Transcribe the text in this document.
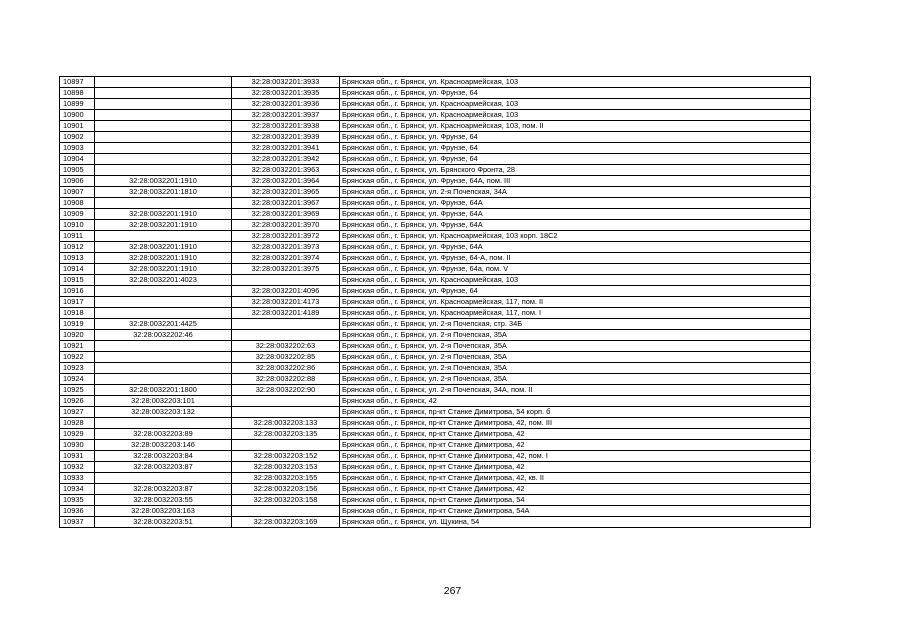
10897		32:28:0032201:3933	Брянская обл., г. Брянск, ул. Красноармейская, 103
10898		32:28:0032201:3935	Брянская обл., г. Брянск, ул. Фрунзе, 64
10899		32:28:0032201:3936	Брянская обл., г. Брянск, ул. Красноармейская, 103
10900		32:28:0032201:3937	Брянская обл., г. Брянск, ул. Красноармейская, 103
10901		32:28:0032201:3938	Брянская обл., г. Брянск, ул. Красноармейская, 103, пом. II
10902		32:28:0032201:3939	Брянская обл., г. Брянск, ул. Фрунзе, 64
10903		32:28:0032201:3941	Брянская обл., г. Брянск, ул. Фрунзе, 64
10904		32:28:0032201:3942	Брянская обл., г. Брянск, ул. Фрунзе, 64
10905		32:28:0032201:3963	Брянская обл., г. Брянск, ул. Брянского Фронта, 28
10906	32:28:0032201:1910	32:28:0032201:3964	Брянская обл., г. Брянск, ул. Фрунзе, 64А, пом. III
10907	32:28:0032201:1810	32:28:0032201:3965	Брянская обл., г. Брянск, ул. 2-я Почепская, 34А
10908		32:28:0032201:3967	Брянская обл., г. Брянск, ул. Фрунзе, 64А
10909	32:28:0032201:1910	32:28:0032201:3969	Брянская обл., г. Брянск, ул. Фрунзе, 64А
10910	32:28:0032201:1910	32:28:0032201:3970	Брянская обл., г. Брянск, ул. Фрунзе, 64А
10911		32:28:0032201:3972	Брянская обл., г. Брянск, ул. Красноармейская, 103 корп. 18С2
10912	32:28:0032201:1910	32:28:0032201:3973	Брянская обл., г. Брянск, ул. Фрунзе, 64А
10913	32:28:0032201:1910	32:28:0032201:3974	Брянская обл., г. Брянск, ул. Фрунзе, 64-А, пом. II
10914	32:28:0032201:1910	32:28:0032201:3975	Брянская обл., г. Брянск, ул. Фрунзе, 64а, пом. V
10915	32:28:0032201:4023		Брянская обл., г. Брянск, ул. Красноармейская, 103
10916		32:28:0032201:4096	Брянская обл., г. Брянск, ул. Фрунзе, 64
10917		32:28:0032201:4173	Брянская обл., г. Брянск, ул. Красноармейская, 117, пом. II
10918		32:28:0032201:4189	Брянская обл., г. Брянск, ул. Красноармейская, 117, пом. I
10919	32:28:0032201:4425		Брянская обл., г. Брянск, ул. 2-я Почепская, стр. 34Б
10920	32:28:0032202:46		Брянская обл., г. Брянск, ул. 2-я Почепская, 35А
10921		32:28:0032202:63	Брянская обл., г. Брянск, ул. 2-я Почепская, 35А
10922		32:28:0032202:85	Брянская обл., г. Брянск, ул. 2-я Почепская, 35А
10923		32:28:0032202:86	Брянская обл., г. Брянск, ул. 2-я Почепская, 35А
10924		32:28:0032202:88	Брянская обл., г. Брянск, ул. 2-я Почепская, 35А
10925	32:28:0032201:1800	32:28:0032202:90	Брянская обл., г. Брянск, ул. 2-я Почепская, 34А, пом. II
10926	32:28:0032203:101		Брянская обл., г. Брянск, 42
10927	32:28:0032203:132		Брянская обл., г. Брянск, пр-кт Станке Димитрова, 54 корп. б
10928		32:28:0032203:133	Брянская обл., г. Брянск, пр-кт Станке Димитрова, 42, пом. III
10929	32:28:0032203:89	32:28:0032203:135	Брянская обл., г. Брянск, пр-кт Станке Димитрова, 42
10930	32:28:0032203:146		Брянская обл., г. Брянск, пр-кт Станке Димитрова, 42
10931	32:28:0032203:84	32:28:0032203:152	Брянская обл., г. Брянск, пр-кт Станке Димитрова, 42, пом. I
10932	32:28:0032203:87	32:28:0032203:153	Брянская обл., г. Брянск, пр-кт Станке Димитрова, 42
10933		32:28:0032203:155	Брянская обл., г. Брянск, пр-кт Станке Димитрова, 42, кв. II
10934	32:28:0032203:87	32:28:0032203:156	Брянская обл., г. Брянск, пр-кт Станке Димитрова, 42
10935	32:28:0032203:55	32:28:0032203:158	Брянская обл., г. Брянск, пр-кт Станке Димитрова, 54
10936	32:28:0032203:163		Брянская обл., г. Брянск, пр-кт Станке Димитрова, 54А
10937	32:28:0032203:51	32:28:0032203:169	Брянская обл., г. Брянск, ул. Щукина, 54
267
